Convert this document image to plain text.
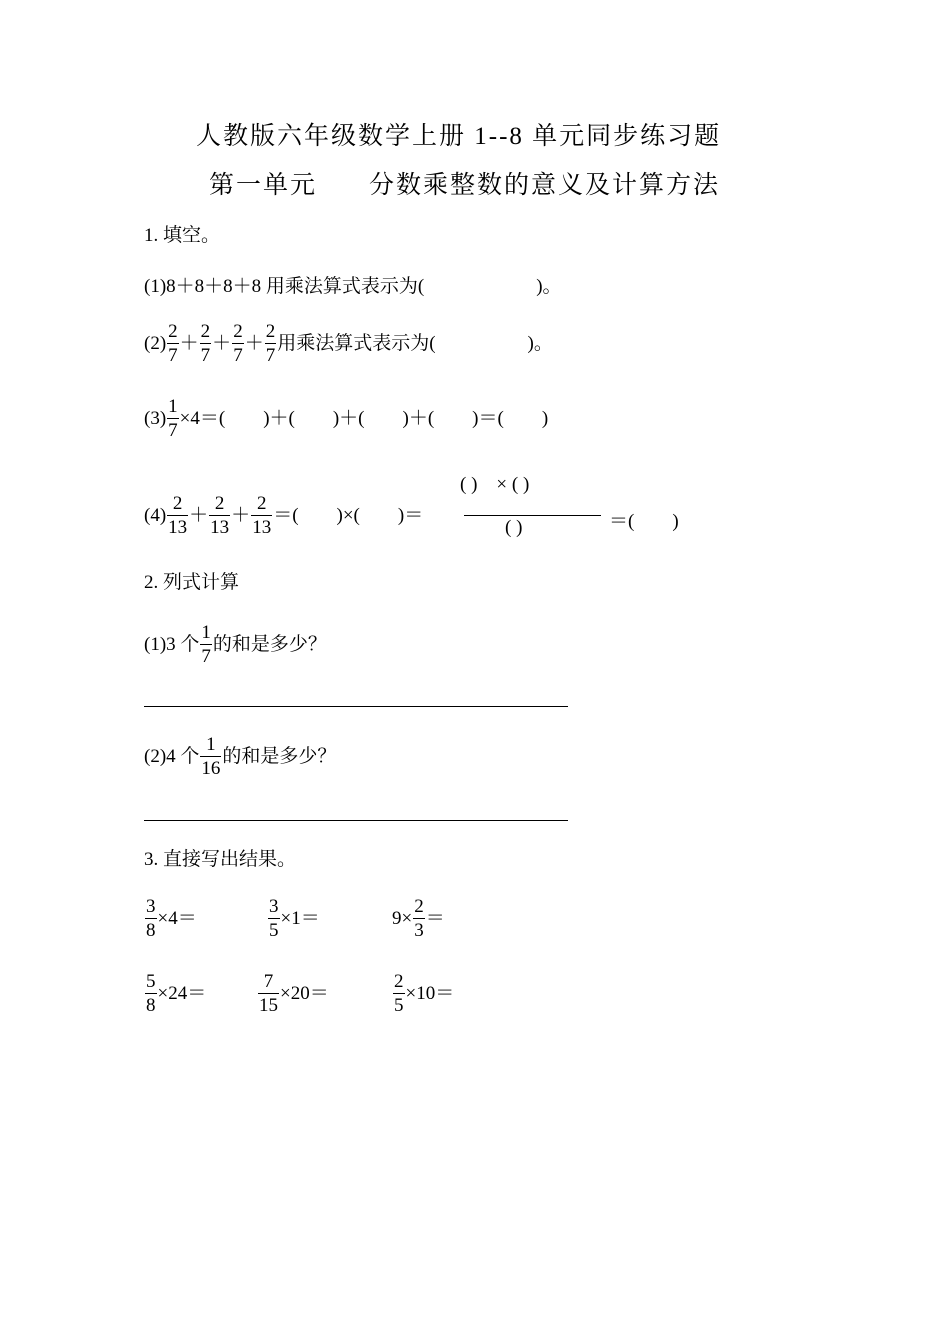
人教版六年级数学上册 1--8 单元同步练习题
第一单元 分数乘整数的意义及计算方法
1. 填空。
(1)8＋8＋8＋8 用乘法算式表示为(	)。
$(2) \frac{2}{7} + \frac{2}{7} + \frac{2}{7} + \frac{2}{7}$ 用乘法算式表示为(	)。
$(3) \frac{1}{7} \times 4=$(        )＋(        )＋(        )＋(        )＝(        )
$(4) \frac{2}{13} + \frac{2}{13} + \frac{2}{13}$ ＝(        )×(        )＝
( )    × ( )
( )	＝(        )
2. 列式计算
(1)3 个 $\frac{1}{7}$ 的和是多少？
(2)4 个 $\frac{1}{16}$ 的和是多少？
3. 直接写出结果。
$\frac{3}{8} \times 4=$	$\frac{3}{5} \times 1=$	$9\times \frac{2}{3}$ ＝
$\frac{5}{8} \times 24=$	$\frac{7}{15} \times 20=$	$\frac{2}{5} \times 10=$
